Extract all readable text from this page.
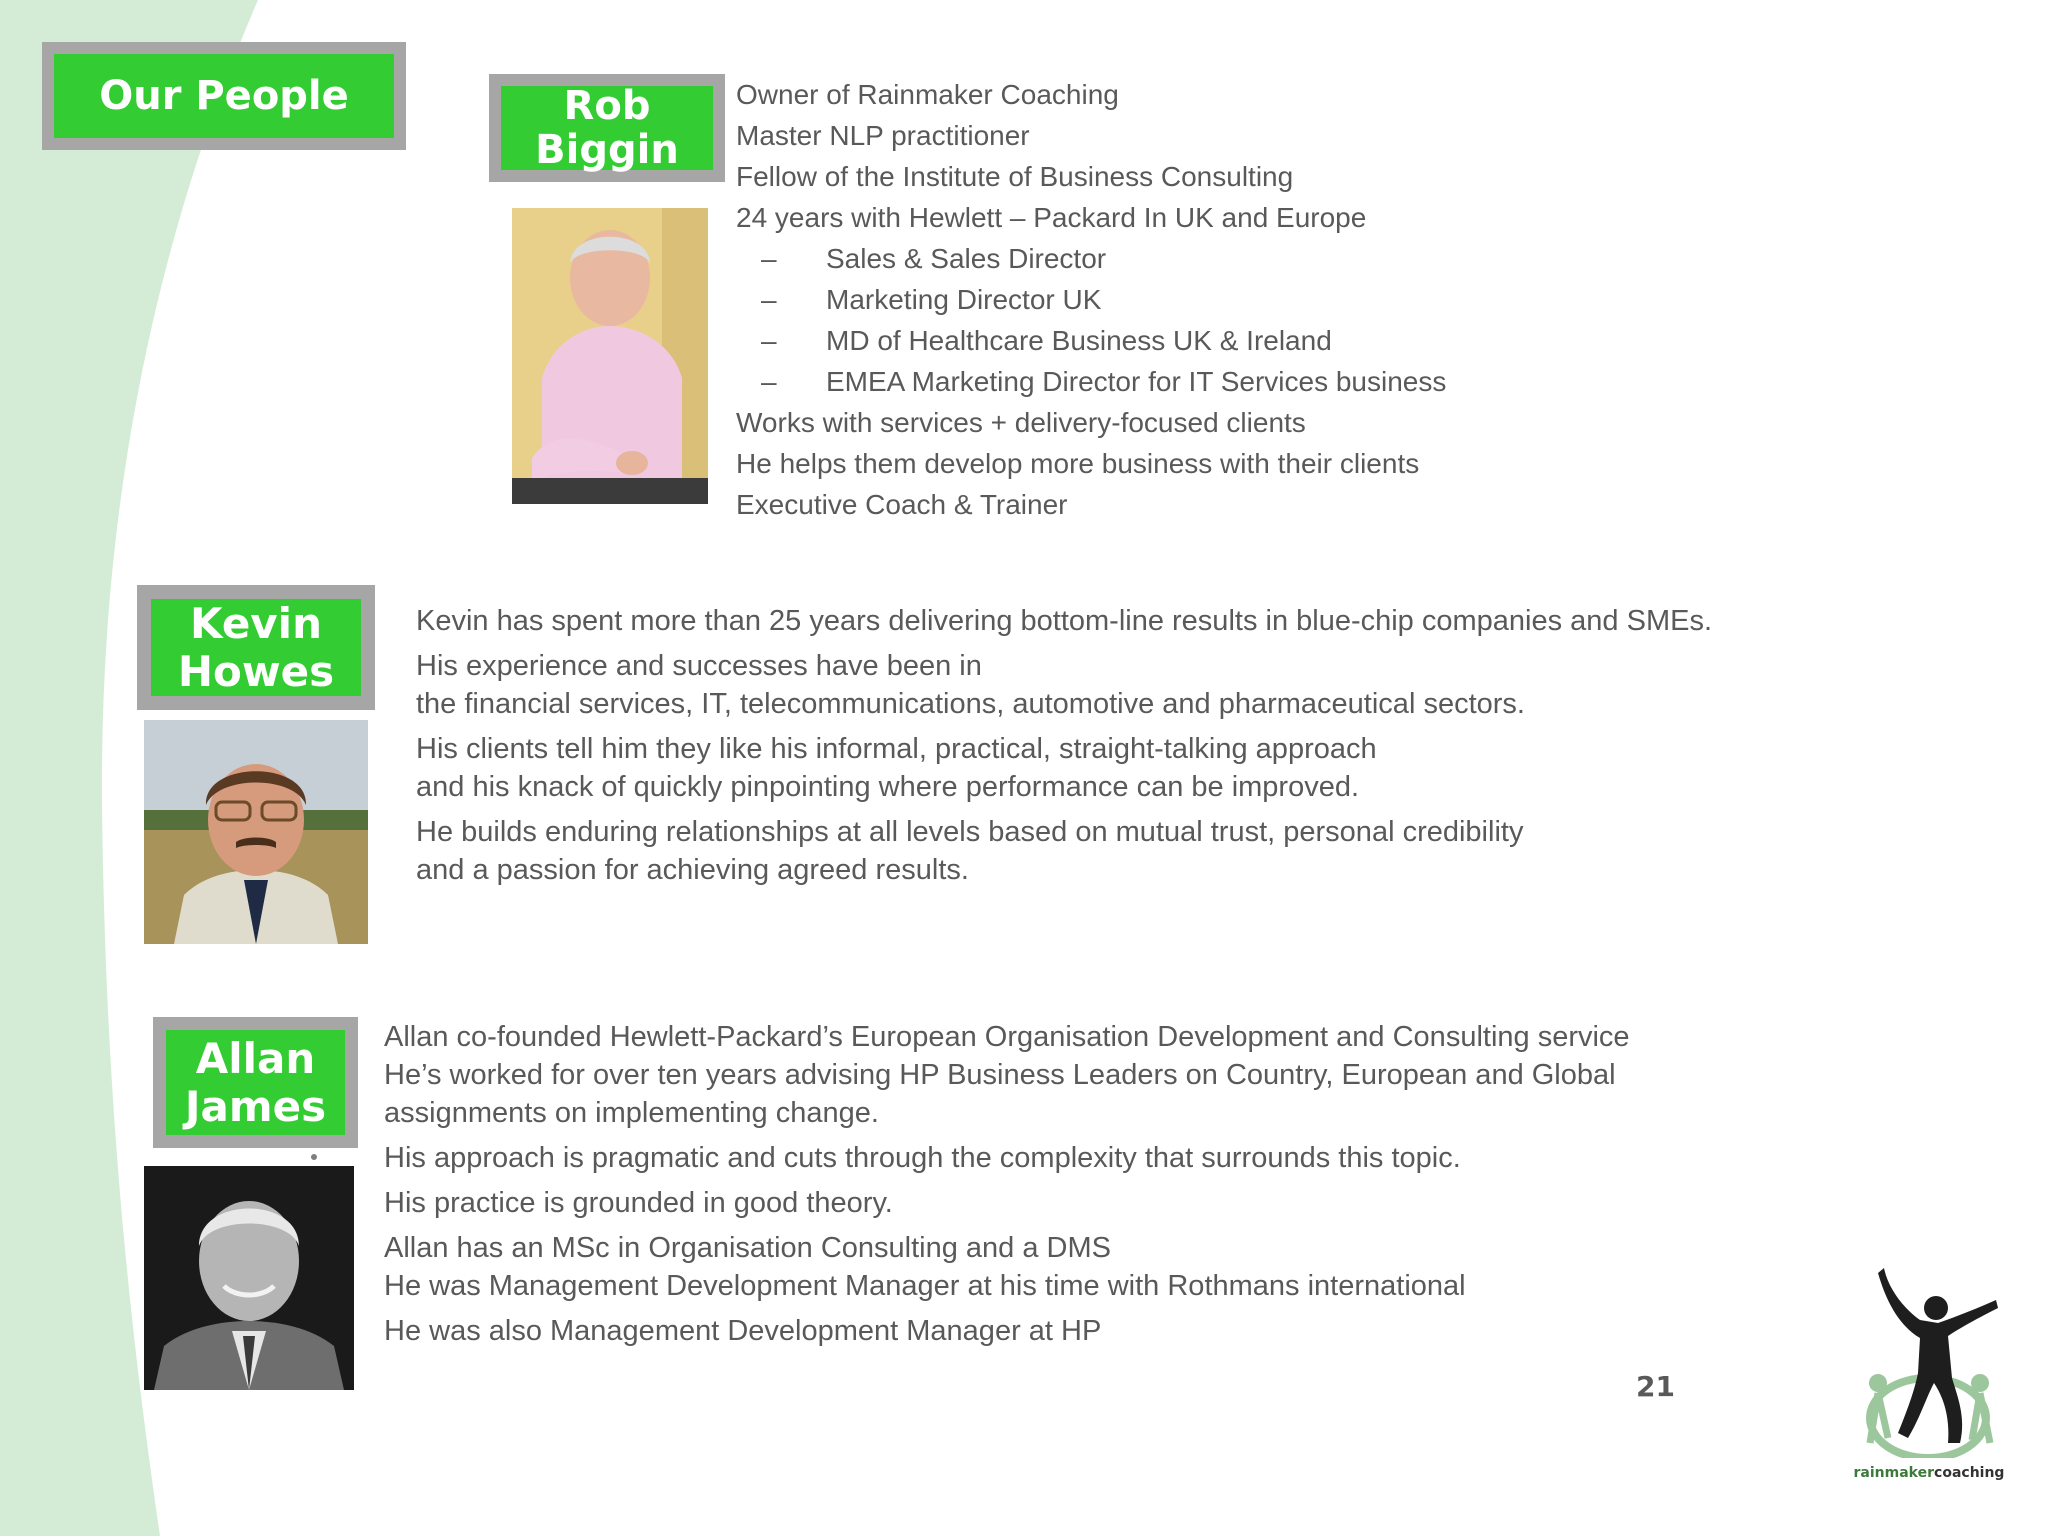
Our People	Rob
Biggin
Owner of Rainmaker Coaching
Master NLP practitioner
Fellow of the Institute of Business Consulting
24 years with Hewlett – Packard In UK and Europe
–	Sales & Sales Director
–	Marketing Director UK
–	MD of Healthcare Business UK & Ireland
–	EMEA Marketing Director for IT Services business
Works with services + delivery-focused clients
He helps them develop more business with their clients
Executive Coach & Trainer
Kevin
Howes
Kevin has spent more than 25 years delivering bottom-line results in blue-chip companies and SMEs.
His experience and successes have been in
the financial services, IT, telecommunications, automotive and pharmaceutical sectors.
His clients tell him they like his informal, practical, straight-talking approach
and his knack of quickly pinpointing where performance can be improved.
He builds enduring relationships at all levels based on mutual trust, personal credibility
and a passion for achieving agreed results.
Allan
James
Allan co-founded Hewlett-Packard’s European Organisation Development and Consulting service
He’s worked for over ten years advising HP Business Leaders on Country, European and Global
assignments on implementing change.
His approach is pragmatic and cuts through the complexity that surrounds this topic.
His practice is grounded in good theory.
Allan has an MSc in Organisation Consulting and a DMS
He was Management Development Manager at his time with Rothmans international
He was also Management Development Manager at HP
21
rainmakercoaching
